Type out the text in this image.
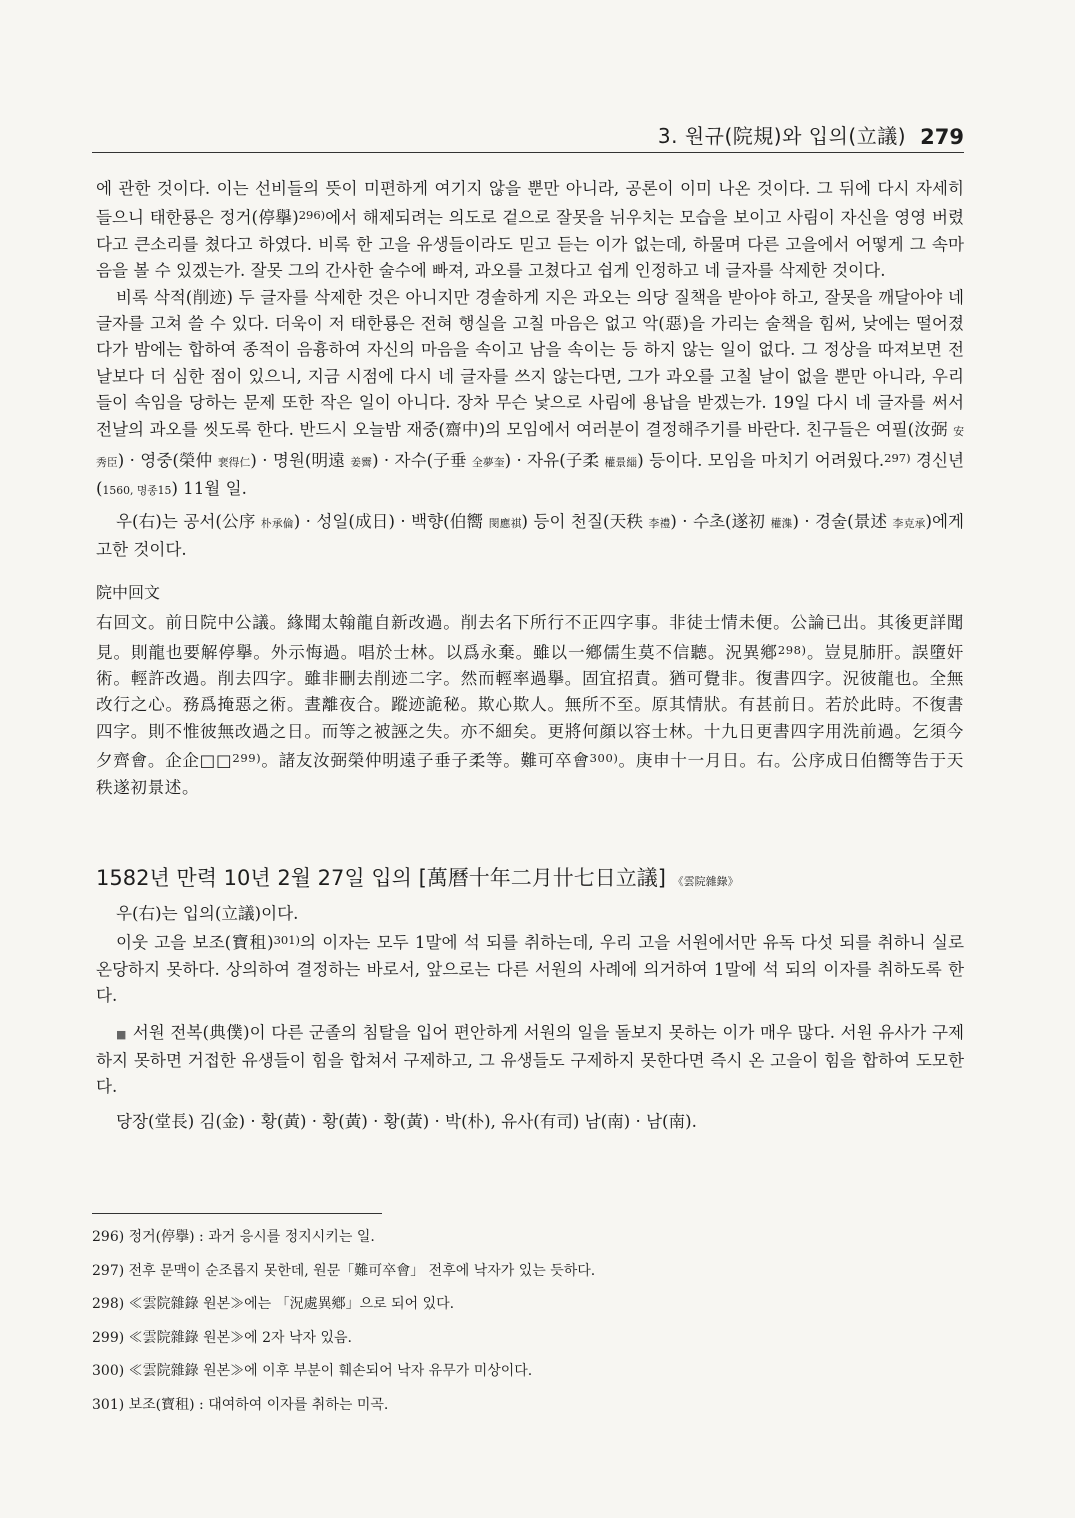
3. 원규(院規)와 입의(立議) 279

에 관한 것이다. 이는 선비들의 뜻이 미편하게 여기지 않을 뿐만 아니라, 공론이 이미 나온 것이다. 그 뒤에 다시 자세히 들으니 태한룡은 정거(停擧)$^{296)}$에서 해제되려는 의도로 겉으로 잘못을 뉘우치는 모습을 보이고 사림이 자신을 영영 버렸다고 큰소리를 쳤다고 하였다. 비록 한 고을 유생들이라도 믿고 듣는 이가 없는데, 하물며 다른 고을에서 어떻게 그 속마음을 볼 수 있겠는가. 잘못 그의 간사한 술수에 빠져, 과오를 고쳤다고 쉽게 인정하고 네 글자를 삭제한 것이다.

비록 삭적(削迹) 두 글자를 삭제한 것은 아니지만 경솔하게 지은 과오는 의당 질책을 받아야 하고, 잘못을 깨달아야 네 글자를 고쳐 쓸 수 있다. 더욱이 저 태한룡은 전혀 행실을 고칠 마음은 없고 악(惡)을 가리는 술책을 힘써, 낮에는 떨어졌다가 밤에는 합하여 종적이 음흉하여 자신의 마음을 속이고 남을 속이는 등 하지 않는 일이 없다. 그 정상을 따져보면 전날보다 더 심한 점이 있으니, 지금 시점에 다시 네 글자를 쓰지 않는다면, 그가 과오를 고칠 날이 없을 뿐만 아니라, 우리들이 속임을 당하는 문제 또한 작은 일이 아니다. 장차 무슨 낯으로 사림에 용납을 받겠는가. 19일 다시 네 글자를 써서 전날의 과오를 씻도록 한다. 반드시 오늘밤 재중(齋中)의 모임에서 여러분이 결정해주기를 바란다. 친구들은 여필(汝弼 安秀臣) · 영중(榮仲 裵得仁) · 명원(明遠 姜霽) · 자수(子垂 全夢奎) · 자유(子柔 權景緇) 등이다. 모임을 마치기 어려웠다.$^{297)}$ 경신년(1560, 명종15) 11월 일.

우(右)는 공서(公序 朴承倫) · 성일(成日) · 백향(伯嚮 閔應祺) 등이 천질(天秩 李禮) · 수초(遂初 權潗) · 경술(景述 李克承)에게 고한 것이다.

院中回文

右回文。前日院中公議。緣聞太翰龍自新改過。削去名下所行不正四字事。非徒士情未便。公論已出。其後更詳聞見。則龍也要解停擧。外示悔過。唱於士林。以爲永棄。雖以一鄕儒生莫不信聽。況異鄕$^{298)}$。豈見肺肝。誤墮奸術。輕許改過。削去四字。雖非刪去削迹二字。然而輕率過擧。固宜招責。猶可覺非。復書四字。況彼龍也。全無改行之心。務爲掩惡之術。晝離夜合。蹤迹詭秘。欺心欺人。無所不至。原其情狀。有甚前日。若於此時。不復書四字。則不惟彼無改過之日。而等之被誣之失。亦不細矣。更將何顔以容士林。十九日更書四字用洗前過。乞須今夕齊會。企企□□$^{299)}$。諸友汝弼榮仲明遠子垂子柔等。難可卒會$^{300)}$。庚申十一月日。右。公序成日伯嚮等告于天秩遂初景述。

1582년 만력 10년 2월 27일 입의 [萬曆十年二月卄七日立議] 《雲院雜錄》

우(右)는 입의(立議)이다.

이웃 고을 보조(寶租)$^{301)}$의 이자는 모두 1말에 석 되를 취하는데, 우리 고을 서원에서만 유독 다섯 되를 취하니 실로 온당하지 못하다. 상의하여 결정하는 바로서, 앞으로는 다른 서원의 사례에 의거하여 1말에 석 되의 이자를 취하도록 한다.

■ 서원 전복(典僕)이 다른 군졸의 침탈을 입어 편안하게 서원의 일을 돌보지 못하는 이가 매우 많다. 서원 유사가 구제하지 못하면 거접한 유생들이 힘을 합쳐서 구제하고, 그 유생들도 구제하지 못한다면 즉시 온 고을이 힘을 합하여 도모한다.

당장(堂長) 김(金) · 황(黃) · 황(黃) · 황(黃) · 박(朴), 유사(有司) 남(南) · 남(南).

296) 정거(停擧) : 과거 응시를 정지시키는 일.

297) 전후 문맥이 순조롭지 못한데, 원문「難可卒會」 전후에 낙자가 있는 듯하다.

298) ≪雲院雜錄 원본≫에는 「況處異鄕」으로 되어 있다.

299) ≪雲院雜錄 원본≫에 2자 낙자 있음.

300) ≪雲院雜錄 원본≫에 이후 부분이 훼손되어 낙자 유무가 미상이다.

301) 보조(寶租) : 대여하여 이자를 취하는 미곡.
